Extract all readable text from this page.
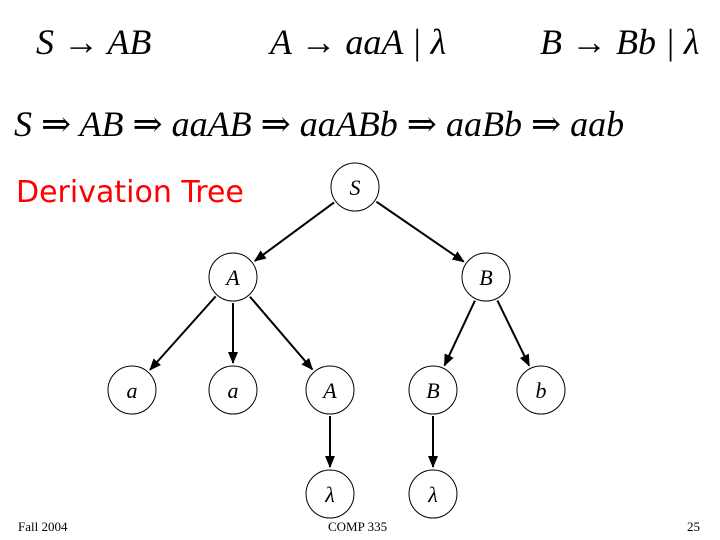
S → AB	A → aaA | λ	B → Bb | λ
S ⇒ AB ⇒ aaAB ⇒ aaABb ⇒ aaBb ⇒ aab
Derivation Tree	S
A	B
a	a	A	B	b
λ	λ
Fall 2004	COMP 335	25
